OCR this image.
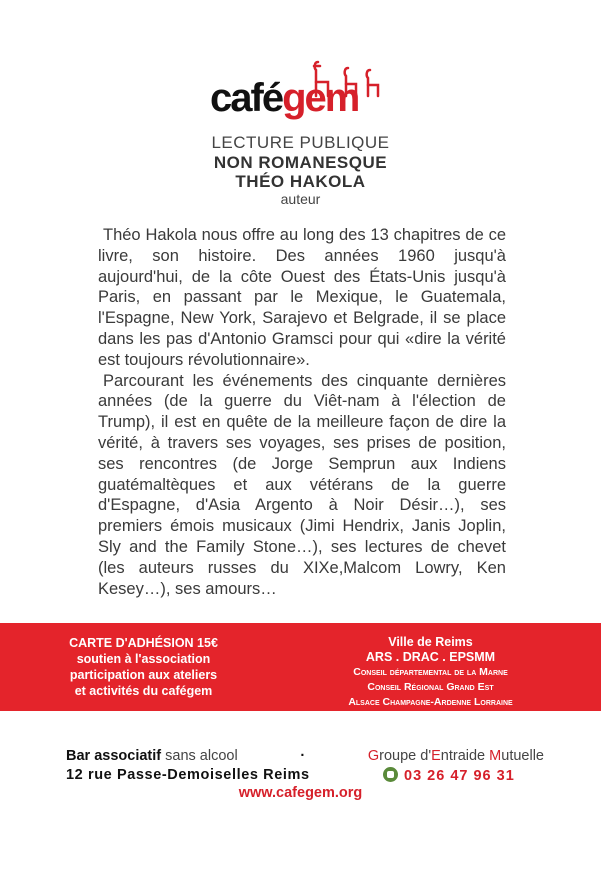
cafégem
LECTURE PUBLIQUE
NON ROMANESQUE
THÉO HAKOLA
auteur

Théo Hakola nous offre au long des 13 chapitres de ce livre, son histoire. Des années 1960 jusqu'à aujourd'hui, de la côte Ouest des États-Unis jusqu'à Paris, en passant par le Mexique, le Guatemala, l'Espagne, New York, Sarajevo et Belgrade, il se place dans les pas d'Antonio Gramsci pour qui «dire la vérité est toujours révolutionnaire».

Parcourant les événements des cinquante dernières années (de la guerre du Viêt-nam à l'élection de Trump), il est en quête de la meilleure façon de dire la vérité, à travers ses voyages, ses prises de position, ses rencontres (de Jorge Semprun aux Indiens guatémaltèques et aux vétérans de la guerre d'Espagne, d'Asia Argento à Noir Désir…), ses premiers émois musicaux (Jimi Hendrix, Janis Joplin, Sly and the Family Stone…), ses lectures de chevet (les auteurs russes du XIXe,Malcom Lowry, Ken Kesey…), ses amours…

CARTE D'ADHÉSION 15€
soutien à l'association
participation aux ateliers
et activités du cafégem
Ville de Reims
ARS . DRAC . EPSMM
Conseil départemental de la Marne
Conseil Régional Grand Est
Alsace Champagne-Ardenne Lorraine
Bar associatif sans alcool	·	Groupe d'Entraide Mutuelle
12 rue Passe-Demoiselles Reims	03 26 47 96 31
www.cafegem.org
